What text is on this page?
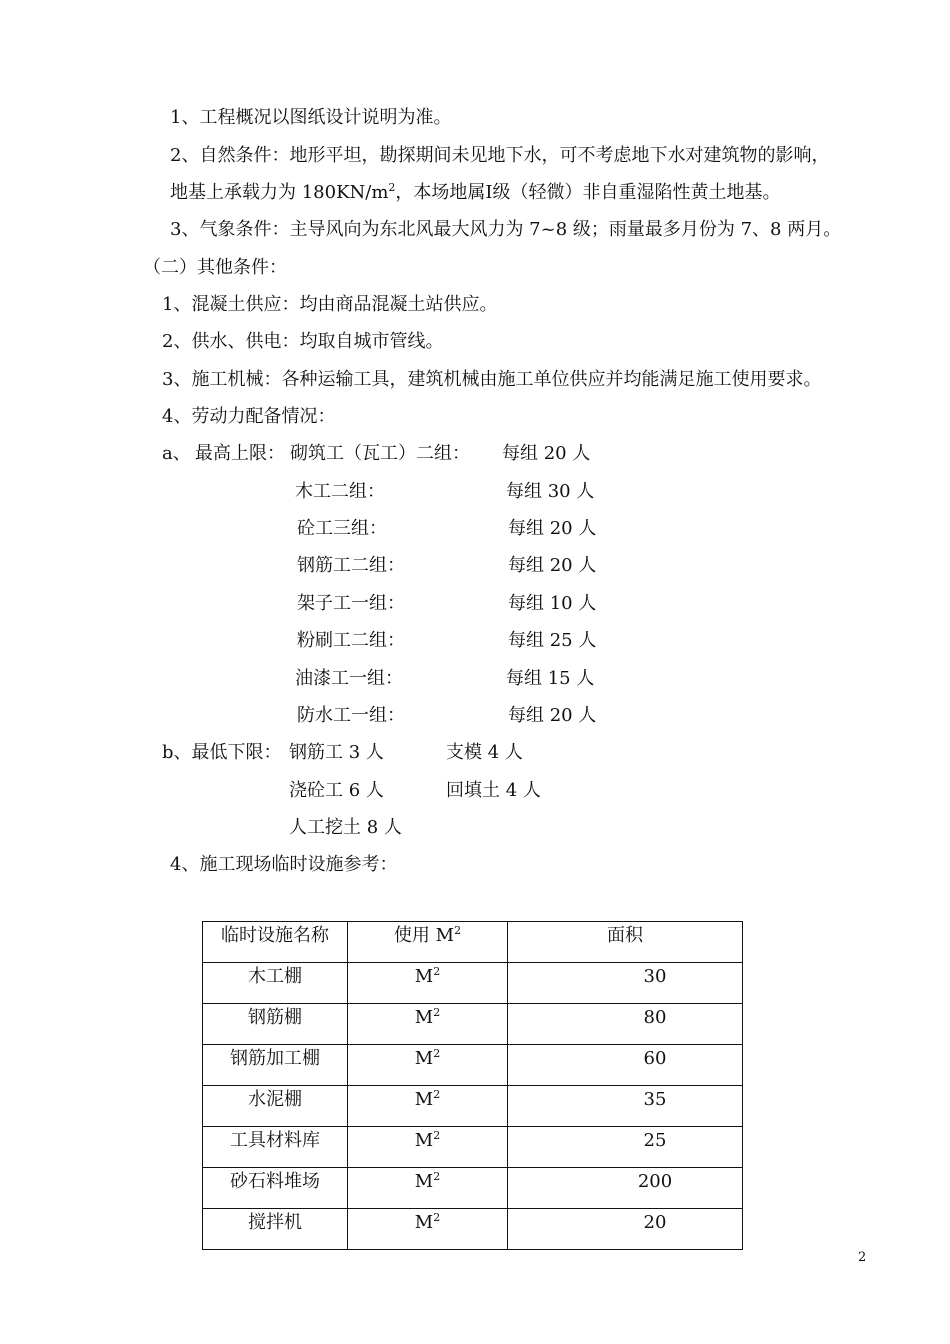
1、工程概况以图纸设计说明为准。
2、自然条件：地形平坦，勘探期间未见地下水，可不考虑地下水对建筑物的影响，
地基上承载力为 $180KN/m^2$，本场地属Ⅰ级（轻微）非自重湿陷性黄土地基。
3、气象条件：主导风向为东北风最大风力为 7~8 级；雨量最多月份为 7、8 两月。
（二）其他条件：
1、混凝土供应：均由商品混凝土站供应。
2、供水、供电：均取自城市管线。
3、施工机械：各种运输工具，建筑机械由施工单位供应并均能满足施工使用要求。
4、劳动力配备情况：
a、 最高上限： 砌筑工（瓦工）二组： 每组 20 人
木工二组：	每组 30 人
砼工三组：	每组 20 人
钢筋工二组：	每组 20 人
架子工一组：	每组 10 人
粉刷工二组：	每组 25 人
油漆工一组：	每组 15 人
防水工一组：	每组 20 人
b、最低下限： 钢筋工 3 人	支模 4 人
浇砼工 6 人	回填土 4 人
人工挖土 8 人
4、施工现场临时设施参考：
临时设施名称	使用 $M^2$	面积
木工棚	$M^2$	30
钢筋棚	$M^2$	80
钢筋加工棚	$M^2$	60
水泥棚	$M^2$	35
工具材料库	$M^2$	25
砂石料堆场	$M^2$	200
搅拌机	$M^2$	20
2
